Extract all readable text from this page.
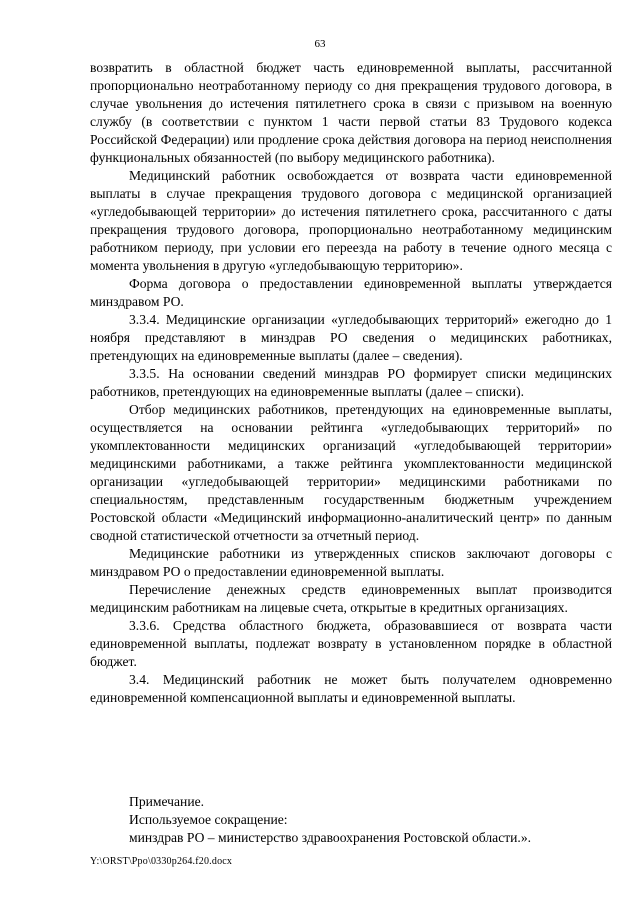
63

возвратить в областной бюджет часть единовременной выплаты, рассчитанной пропорционально неотработанному периоду со дня прекращения трудового договора, в случае увольнения до истечения пятилетнего срока в связи с призывом на военную службу (в соответствии с пунктом 1 части первой статьи 83 Трудового кодекса Российской Федерации) или продление срока действия договора на период неисполнения функциональных обязанностей (по выбору медицинского работника).

Медицинский работник освобождается от возврата части единовременной выплаты в случае прекращения трудового договора с медицинской организацией «угледобывающей территории» до истечения пятилетнего срока, рассчитанного с даты прекращения трудового договора, пропорционально неотработанному медицинским работником периоду, при условии его переезда на работу в течение одного месяца с момента увольнения в другую «угледобывающую территорию».

Форма договора о предоставлении единовременной выплаты утверждается минздравом РО.

3.3.4. Медицинские организации «угледобывающих территорий» ежегодно до 1 ноября представляют в минздрав РО сведения о медицинских работниках, претендующих на единовременные выплаты (далее – сведения).

3.3.5. На основании сведений минздрав РО формирует списки медицинских работников, претендующих на единовременные выплаты (далее – списки).

Отбор медицинских работников, претендующих на единовременные выплаты, осуществляется на основании рейтинга «угледобывающих территорий» по укомплектованности медицинских организаций «угледобывающей территории» медицинскими работниками, а также рейтинга укомплектованности медицинской организации «угледобывающей территории» медицинскими работниками по специальностям, представленным государственным бюджетным учреждением Ростовской области «Медицинский информационно-аналитический центр» по данным сводной статистической отчетности за отчетный период.

Медицинские работники из утвержденных списков заключают договоры с минздравом РО о предоставлении единовременной выплаты.

Перечисление денежных средств единовременных выплат производится медицинским работникам на лицевые счета, открытые в кредитных организациях.

3.3.6. Средства областного бюджета, образовавшиеся от возврата части единовременной выплаты, подлежат возврату в установленном порядке в областной бюджет.

3.4. Медицинский работник не может быть получателем одновременно единовременной компенсационной выплаты и единовременной выплаты.

Примечание.

Используемое сокращение:

минздрав РО – министерство здравоохранения Ростовской области.».

Y:\ORST\Ppo\0330p264.f20.docx
